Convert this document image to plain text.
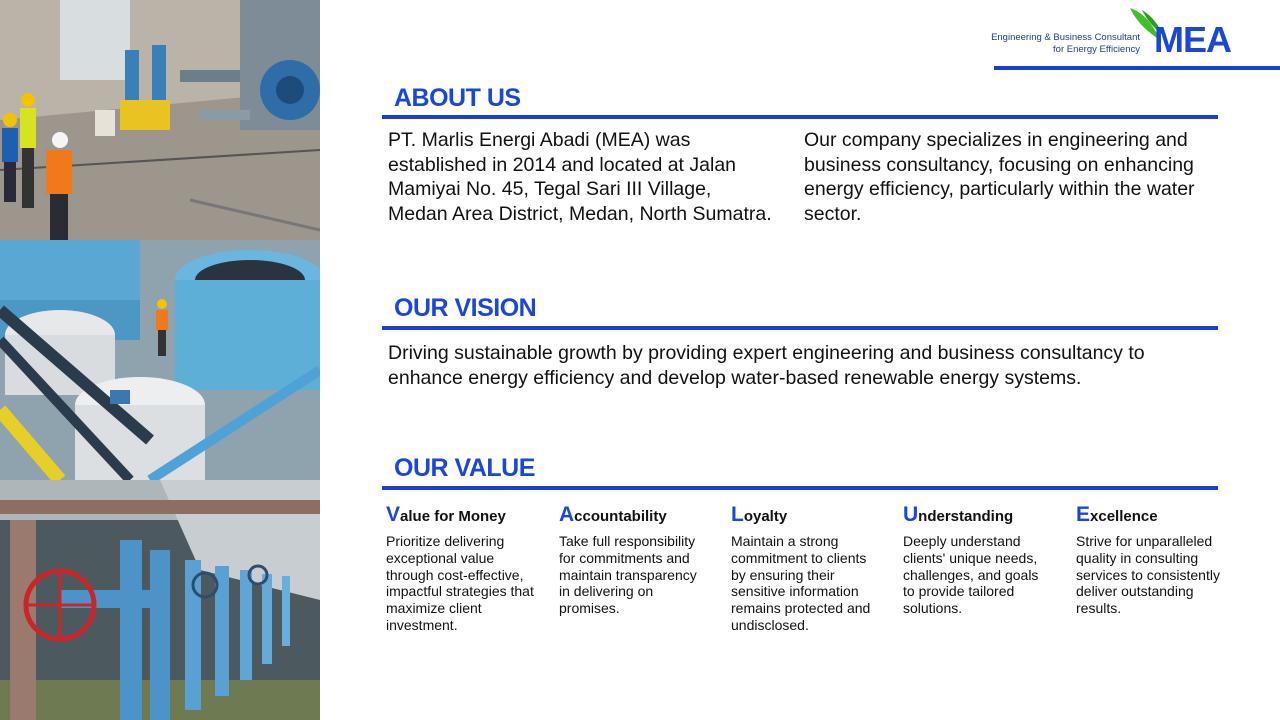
Engineering & Business Consultant
for Energy Efficiency MEA
ABOUT US
PT. Marlis Energi Abadi (MEA) was established in 2014 and located at Jalan Mamiyai No. 45, Tegal Sari III Village, Medan Area District, Medan, North Sumatra.
Our company specializes in engineering and business consultancy, focusing on enhancing energy efficiency, particularly within the water sector.
OUR VISION
Driving sustainable growth by providing expert engineering and business consultancy to enhance energy efficiency and develop water-based renewable energy systems.
OUR VALUE
Value for Money
Prioritize delivering exceptional value through cost-effective, impactful strategies that maximize client investment.
Accountability
Take full responsibility for commitments and maintain transparency in delivering on promises.
Loyalty
Maintain a strong commitment to clients by ensuring their sensitive information remains protected and undisclosed.
Understanding
Deeply understand clients' unique needs, challenges, and goals to provide tailored solutions.
Excellence
Strive for unparalleled quality in consulting services to consistently deliver outstanding results.
